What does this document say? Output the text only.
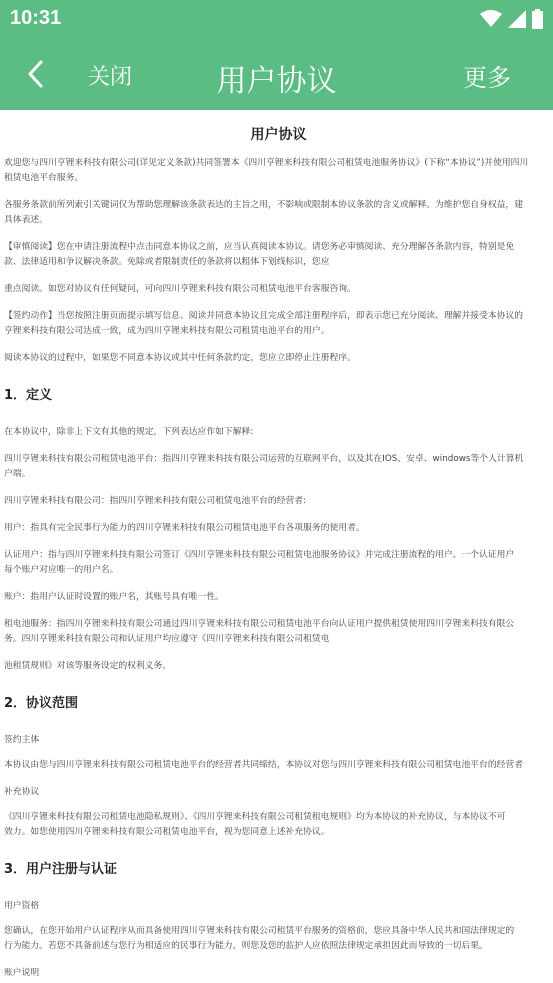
10:31
关闭	用户协议	更多
用户协议
欢迎您与四川亨锂来科技有限公司(详见定义条款)共同签署本《四川亨锂来科技有限公司租赁电池服务协议》(下称“本协议”)并使用四川
租赁电池平台服务。
各服务条款前所列索引关键词仅为帮助您理解该条款表达的主旨之用，不影响或限制本协议条款的含义或解释。为维护您自身权益，建
具体表述。
【审慎阅读】您在申请注册流程中点击同意本协议之前，应当认真阅读本协议。请您务必审慎阅读、充分理解各条款内容，特别是免
款、法律适用和争议解决条款。免除或者限制责任的条款将以粗体下划线标识，您应
重点阅读。如您对协议有任何疑问，可向四川亨锂来科技有限公司租赁电池平台客服咨询。
【签约动作】当您按照注册页面提示填写信息、阅读并同意本协议且完成全部注册程序后，即表示您已充分阅读、理解并接受本协议的
亨锂来科技有限公司达成一致，成为四川亨锂来科技有限公司租赁电池平台的用户。
阅读本协议的过程中，如果您不同意本协议或其中任何条款约定，您应立即停止注册程序。
1．定义
在本协议中，除非上下文有其他的规定，下列表达应作如下解释:
四川亨锂来科技有限公司租赁电池平台：指四川亨锂来科技有限公司运营的互联网平台，以及其在IOS、安卓、windows等个人计算机
户端。
四川亨锂来科技有限公司：指四川亨锂来科技有限公司租赁电池平台的经营者:
用户：指具有完全民事行为能力的四川亨锂来科技有限公司租赁电池平台各项服务的使用者。
认证用户：指与四川亨锂来科技有限公司签订《四川亨锂来科技有限公司租赁电池服务协议》并完成注册流程的用户。一个认证用户
每个账户对应唯一的用户名。
账户：指用户认证时设置的账户名，其账号具有唯一性。
租电池服务：指四川亨锂来科技有限公司通过四川亨锂来科技有限公司租赁电池平台向认证用户提供租赁使用四川亨锂来科技有限公
务。四川亨锂来科技有限公司和认证用户均应遵守《四川亨锂来科技有限公司租赁电
池租赁规则》对该等服务设定的权利义务。
2．协议范围
签约主体
本协议由您与四川亨锂来科技有限公司租赁电池平台的经营者共同缔结，本协议对您与四川亨锂来科技有限公司租赁电池平台的经营者
补充协议
《四川亨锂来科技有限公司租赁电池隐私规则》、《四川亨锂来科技有限公司租赁租电规则》均为本协议的补充协议，与本协议不可
效力。如您使用四川亨锂来科技有限公司租赁电池平台，视为您同意上述补充协议。
3．用户注册与认证
用户资格
您确认，在您开始用户认证程序从而具备使用四川亨锂来科技有限公司租赁平台服务的资格前，您应具备中华人民共和国法律规定的
行为能力。若您不具备前述与您行为相适应的民事行为能力，则您及您的监护人应依照法律规定承担因此而导致的一切后果。
账户说明
